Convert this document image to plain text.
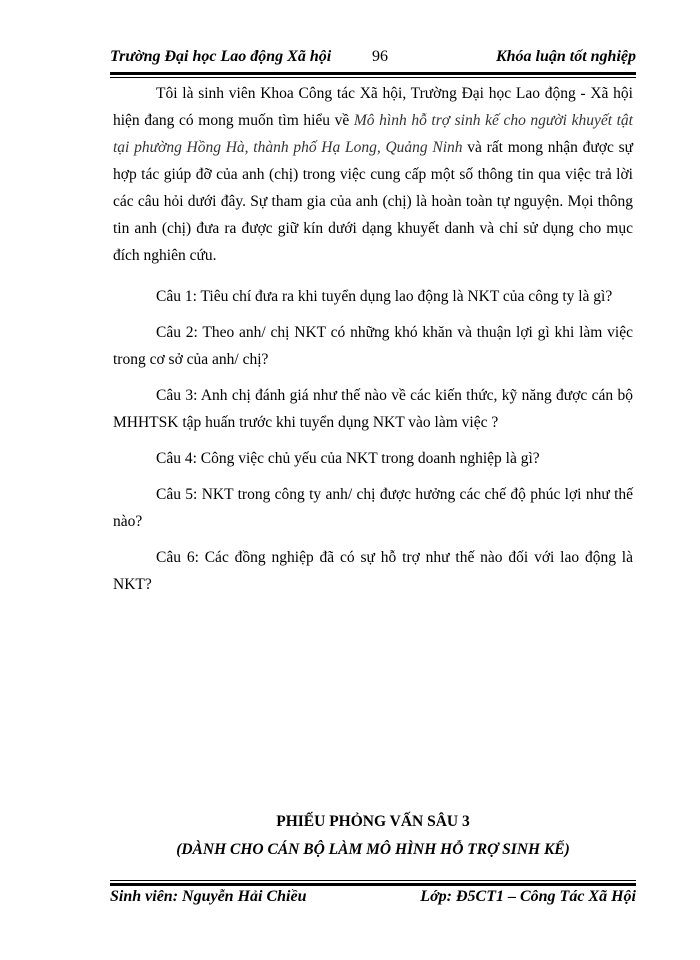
Trường Đại học Lao động Xã hội	96	Khóa luận tốt nghiệp

Tôi là sinh viên Khoa Công tác Xã hội, Trường Đại học Lao động - Xã hội hiện đang có mong muốn tìm hiểu về Mô hình hỗ trợ sinh kế cho người khuyết tật tại phường Hồng Hà, thành phố Hạ Long, Quảng Ninh và rất mong nhận được sự hợp tác giúp đỡ của anh (chị) trong việc cung cấp một số thông tin qua việc trả lời các câu hỏi dưới đây. Sự tham gia của anh (chị) là hoàn toàn tự nguyện. Mọi thông tin anh (chị) đưa ra được giữ kín dưới dạng khuyết danh và chỉ sử dụng cho mục đích nghiên cứu.

Câu 1: Tiêu chí đưa ra khi tuyển dụng lao động là NKT của công ty là gì?

Câu 2: Theo anh/ chị NKT có những khó khăn và thuận lợi gì khi làm việc trong cơ sở của anh/ chị?

Câu 3: Anh chị đánh giá như thế nào về các kiến thức, kỹ năng được cán bộ MHHTSK tập huấn trước khi tuyển dụng NKT vào làm việc ?

Câu 4: Công việc chủ yếu của NKT trong doanh nghiệp là gì?

Câu 5: NKT trong công ty anh/ chị được hưởng các chế độ phúc lợi như thế nào?

Câu 6: Các đồng nghiệp đã có sự hỗ trợ như thế nào đối với lao động là NKT?

PHIẾU PHỎNG VẤN SÂU 3
(DÀNH CHO CÁN BỘ LÀM MÔ HÌNH HỖ TRỢ SINH KẾ)
Sinh viên: Nguyễn Hải Chiều	Lớp: Đ5CT1 – Công Tác Xã Hội
